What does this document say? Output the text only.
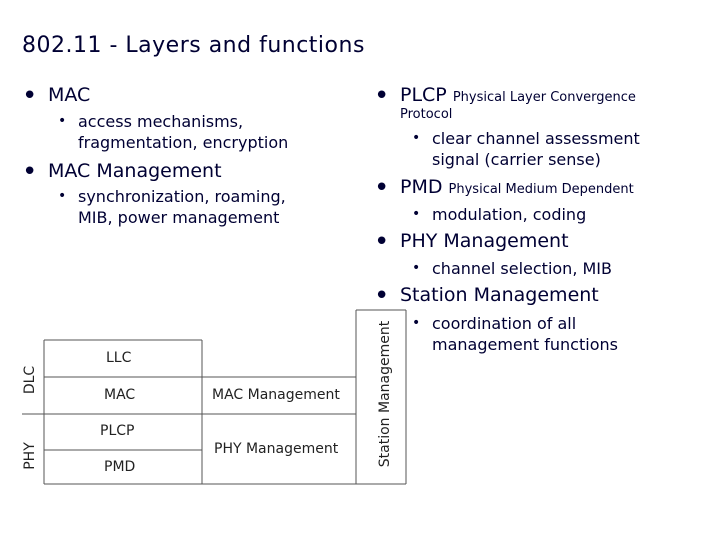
802.11 - Layers and functions
• MAC
• access mechanisms,
fragmentation, encryption
• MAC Management
• synchronization, roaming,
MIB, power management
• PLCP Physical Layer Convergence
Protocol
• clear channel assessment
signal (carrier sense)
• PMD Physical Medium Dependent
• modulation, coding
• PHY Management
• channel selection, MIB
• Station Management
• coordination of all
management functions
DLC
PHY
LLC
MAC
PLCP
PMD
MAC Management
PHY Management	Station Management
